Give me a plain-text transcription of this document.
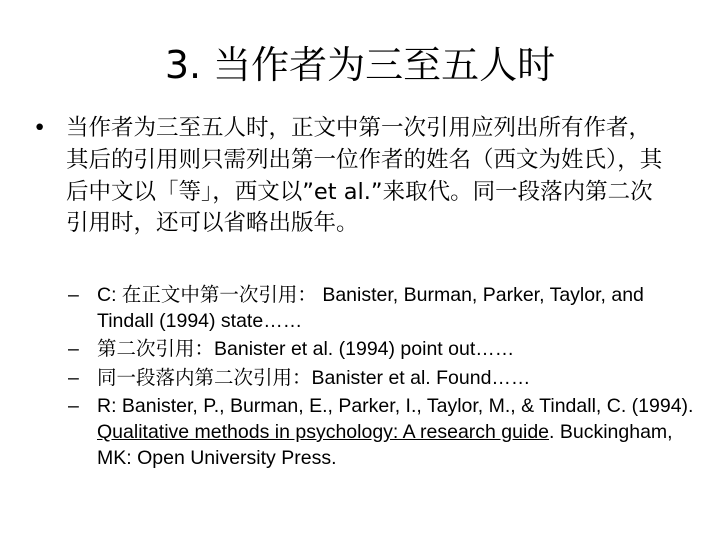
3. 当作者为三至五人时
• 当作者为三至五人时，正文中第一次引用应列出所有作者，其后的引用则只需列出第一位作者的姓名（西文为姓氏），其后中文以「等」，西文以”et al.”来取代。同一段落内第二次引用时，还可以省略出版年。
– C: 在正文中第一次引用： Banister, Burman, Parker, Taylor, and Tindall (1994) state……
– 第二次引用：Banister et al. (1994) point out……
– 同一段落内第二次引用：Banister et al. Found……
– R: Banister, P., Burman, E., Parker, I., Taylor, M., & Tindall, C. (1994). Qualitative methods in psychology: A research guide. Buckingham, MK: Open University Press.
